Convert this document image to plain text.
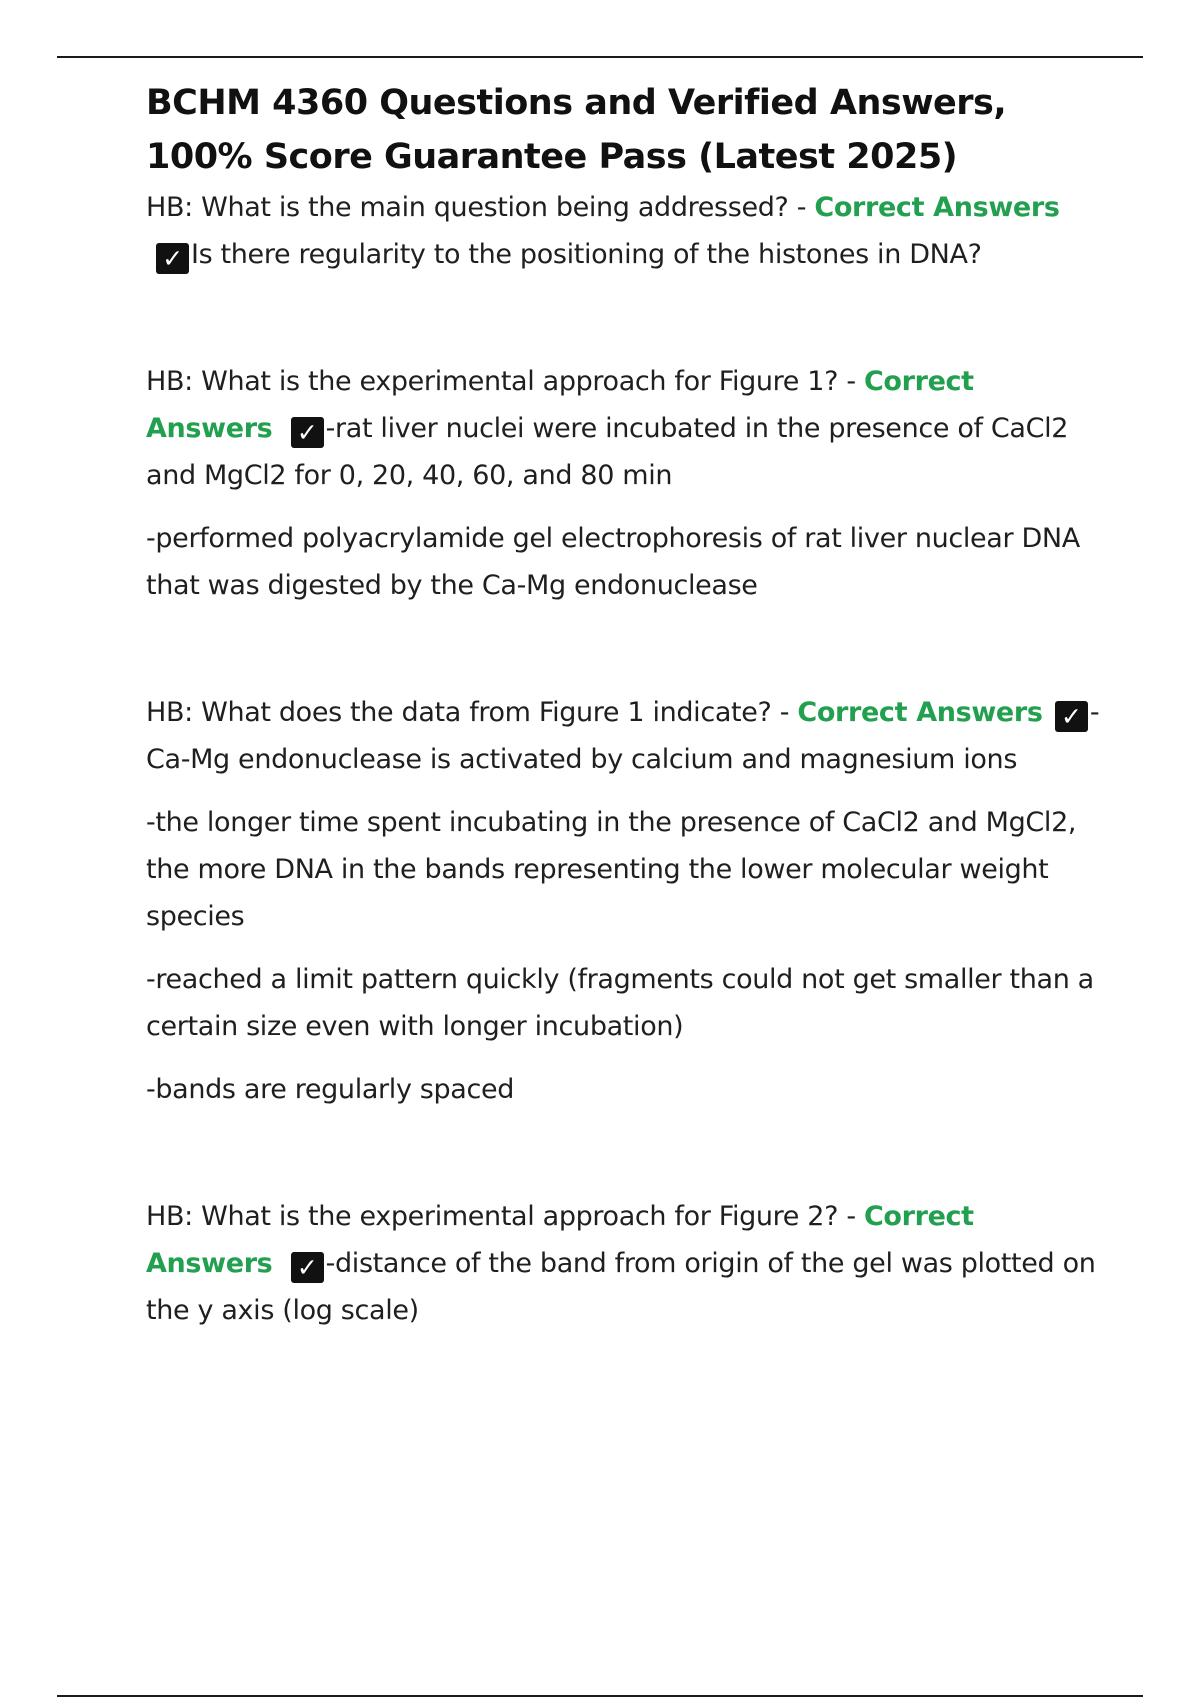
BCHM 4360 Questions and Verified Answers,
100% Score Guarantee Pass (Latest 2025)

HB: What is the main question being addressed? - Correct Answers ✓ Is there regularity to the positioning of the histones in DNA?

HB: What is the experimental approach for Figure 1? - Correct Answers ✓ -rat liver nuclei were incubated in the presence of CaCl2 and MgCl2 for 0, 20, 40, 60, and 80 min

-performed polyacrylamide gel electrophoresis of rat liver nuclear DNA that was digested by the Ca-Mg endonuclease

HB: What does the data from Figure 1 indicate? - Correct Answers ✓ -Ca-Mg endonuclease is activated by calcium and magnesium ions

-the longer time spent incubating in the presence of CaCl2 and MgCl2, the more DNA in the bands representing the lower molecular weight species

-reached a limit pattern quickly (fragments could not get smaller than a certain size even with longer incubation)

-bands are regularly spaced

HB: What is the experimental approach for Figure 2? - Correct Answers ✓ -distance of the band from origin of the gel was plotted on the y axis (log scale)
